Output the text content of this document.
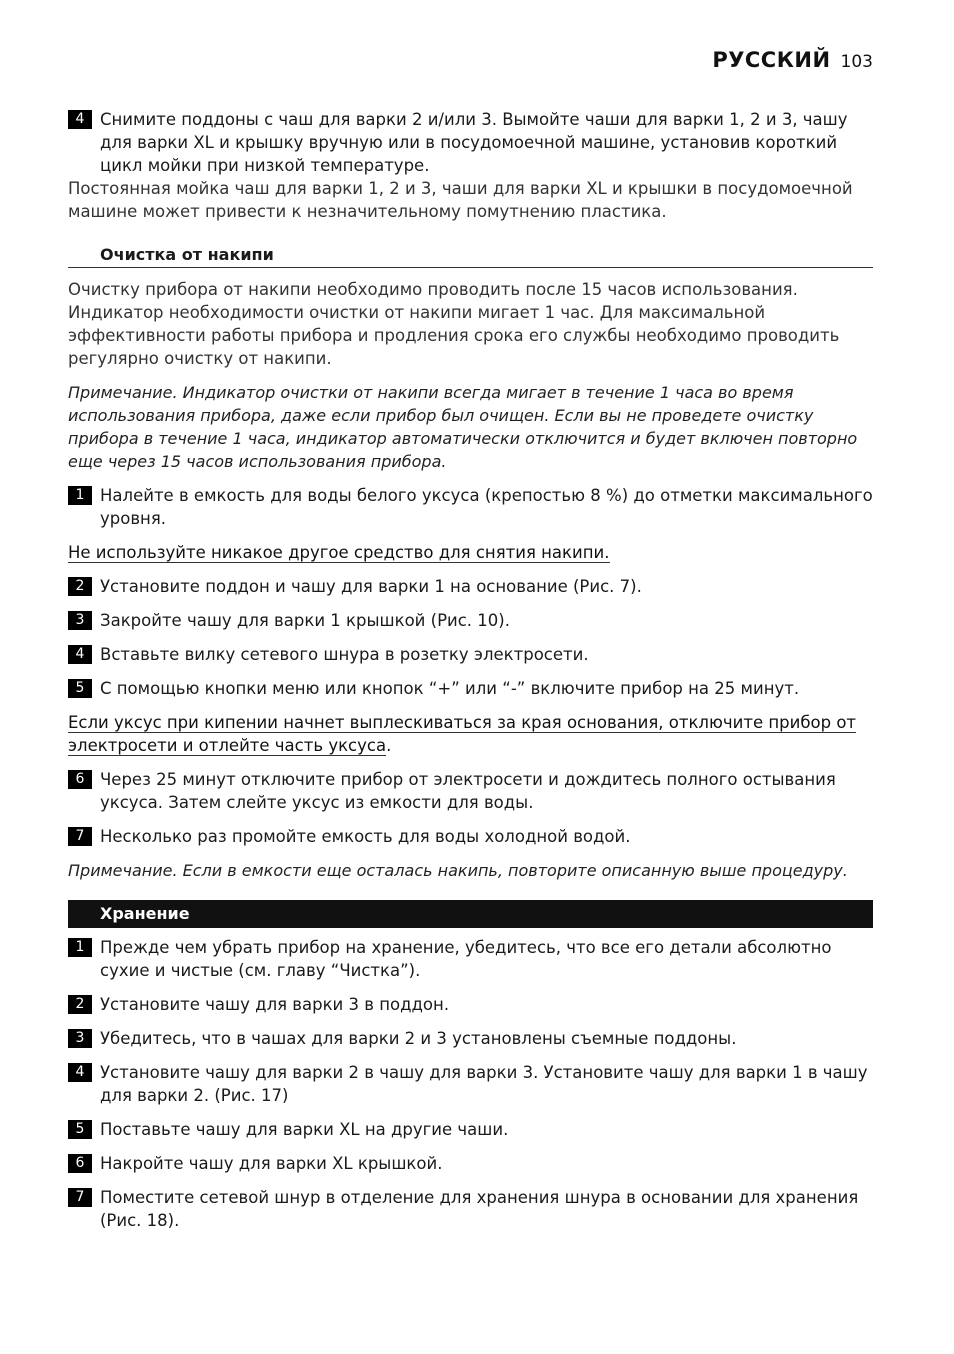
РУССКИЙ 103
4 Снимите поддоны с чаш для варки 2 и/или 3. Вымойте чаши для варки 1, 2 и 3, чашу для варки XL и крышку вручную или в посудомоечной машине, установив короткий цикл мойки при низкой температуре.

Постоянная мойка чаш для варки 1, 2 и 3, чаши для варки XL и крышки в посудомоечной машине может привести к незначительному помутнению пластика.

Очистка от накипи

Очистку прибора от накипи необходимо проводить после 15 часов использования. Индикатор необходимости очистки от накипи мигает 1 час. Для максимальной эффективности работы прибора и продления срока его службы необходимо проводить регулярно очистку от накипи.

Примечание. Индикатор очистки от накипи всегда мигает в течение 1 часа во время использования прибора, даже если прибор был очищен. Если вы не проведете очистку прибора в течение 1 часа, индикатор автоматически отключится и будет включен повторно еще через 15 часов использования прибора.

1 Налейте в емкость для воды белого уксуса (крепостью 8 %) до отметки максимального уровня.

Не используйте никакое другое средство для снятия накипи.

2 Установите поддон и чашу для варки 1 на основание (Рис. 7).
3 Закройте чашу для варки 1 крышкой (Рис. 10).
4 Вставьте вилку сетевого шнура в розетку электросети.
5 С помощью кнопки меню или кнопок “+” или “-” включите прибор на 25 минут.

Если уксус при кипении начнет выплескиваться за края основания, отключите прибор от
электросети и отлейте часть уксуса.

6 Через 25 минут отключите прибор от электросети и дождитесь полного остывания уксуса. Затем слейте уксус из емкости для воды.
7 Несколько раз промойте емкость для воды холодной водой.

Примечание. Если в емкости еще осталась накипь, повторите описанную выше процедуру.

Хранение
1 Прежде чем убрать прибор на хранение, убедитесь, что все его детали абсолютно сухие и чистые (см. главу “Чистка”).
2 Установите чашу для варки 3 в поддон.
3 Убедитесь, что в чашах для варки 2 и 3 установлены съемные поддоны.
4 Установите чашу для варки 2 в чашу для варки 3. Установите чашу для варки 1 в чашу для варки 2. (Рис. 17)
5 Поставьте чашу для варки XL на другие чаши.
6 Накройте чашу для варки XL крышкой.
7 Поместите сетевой шнур в отделение для хранения шнура в основании для хранения (Рис. 18).
